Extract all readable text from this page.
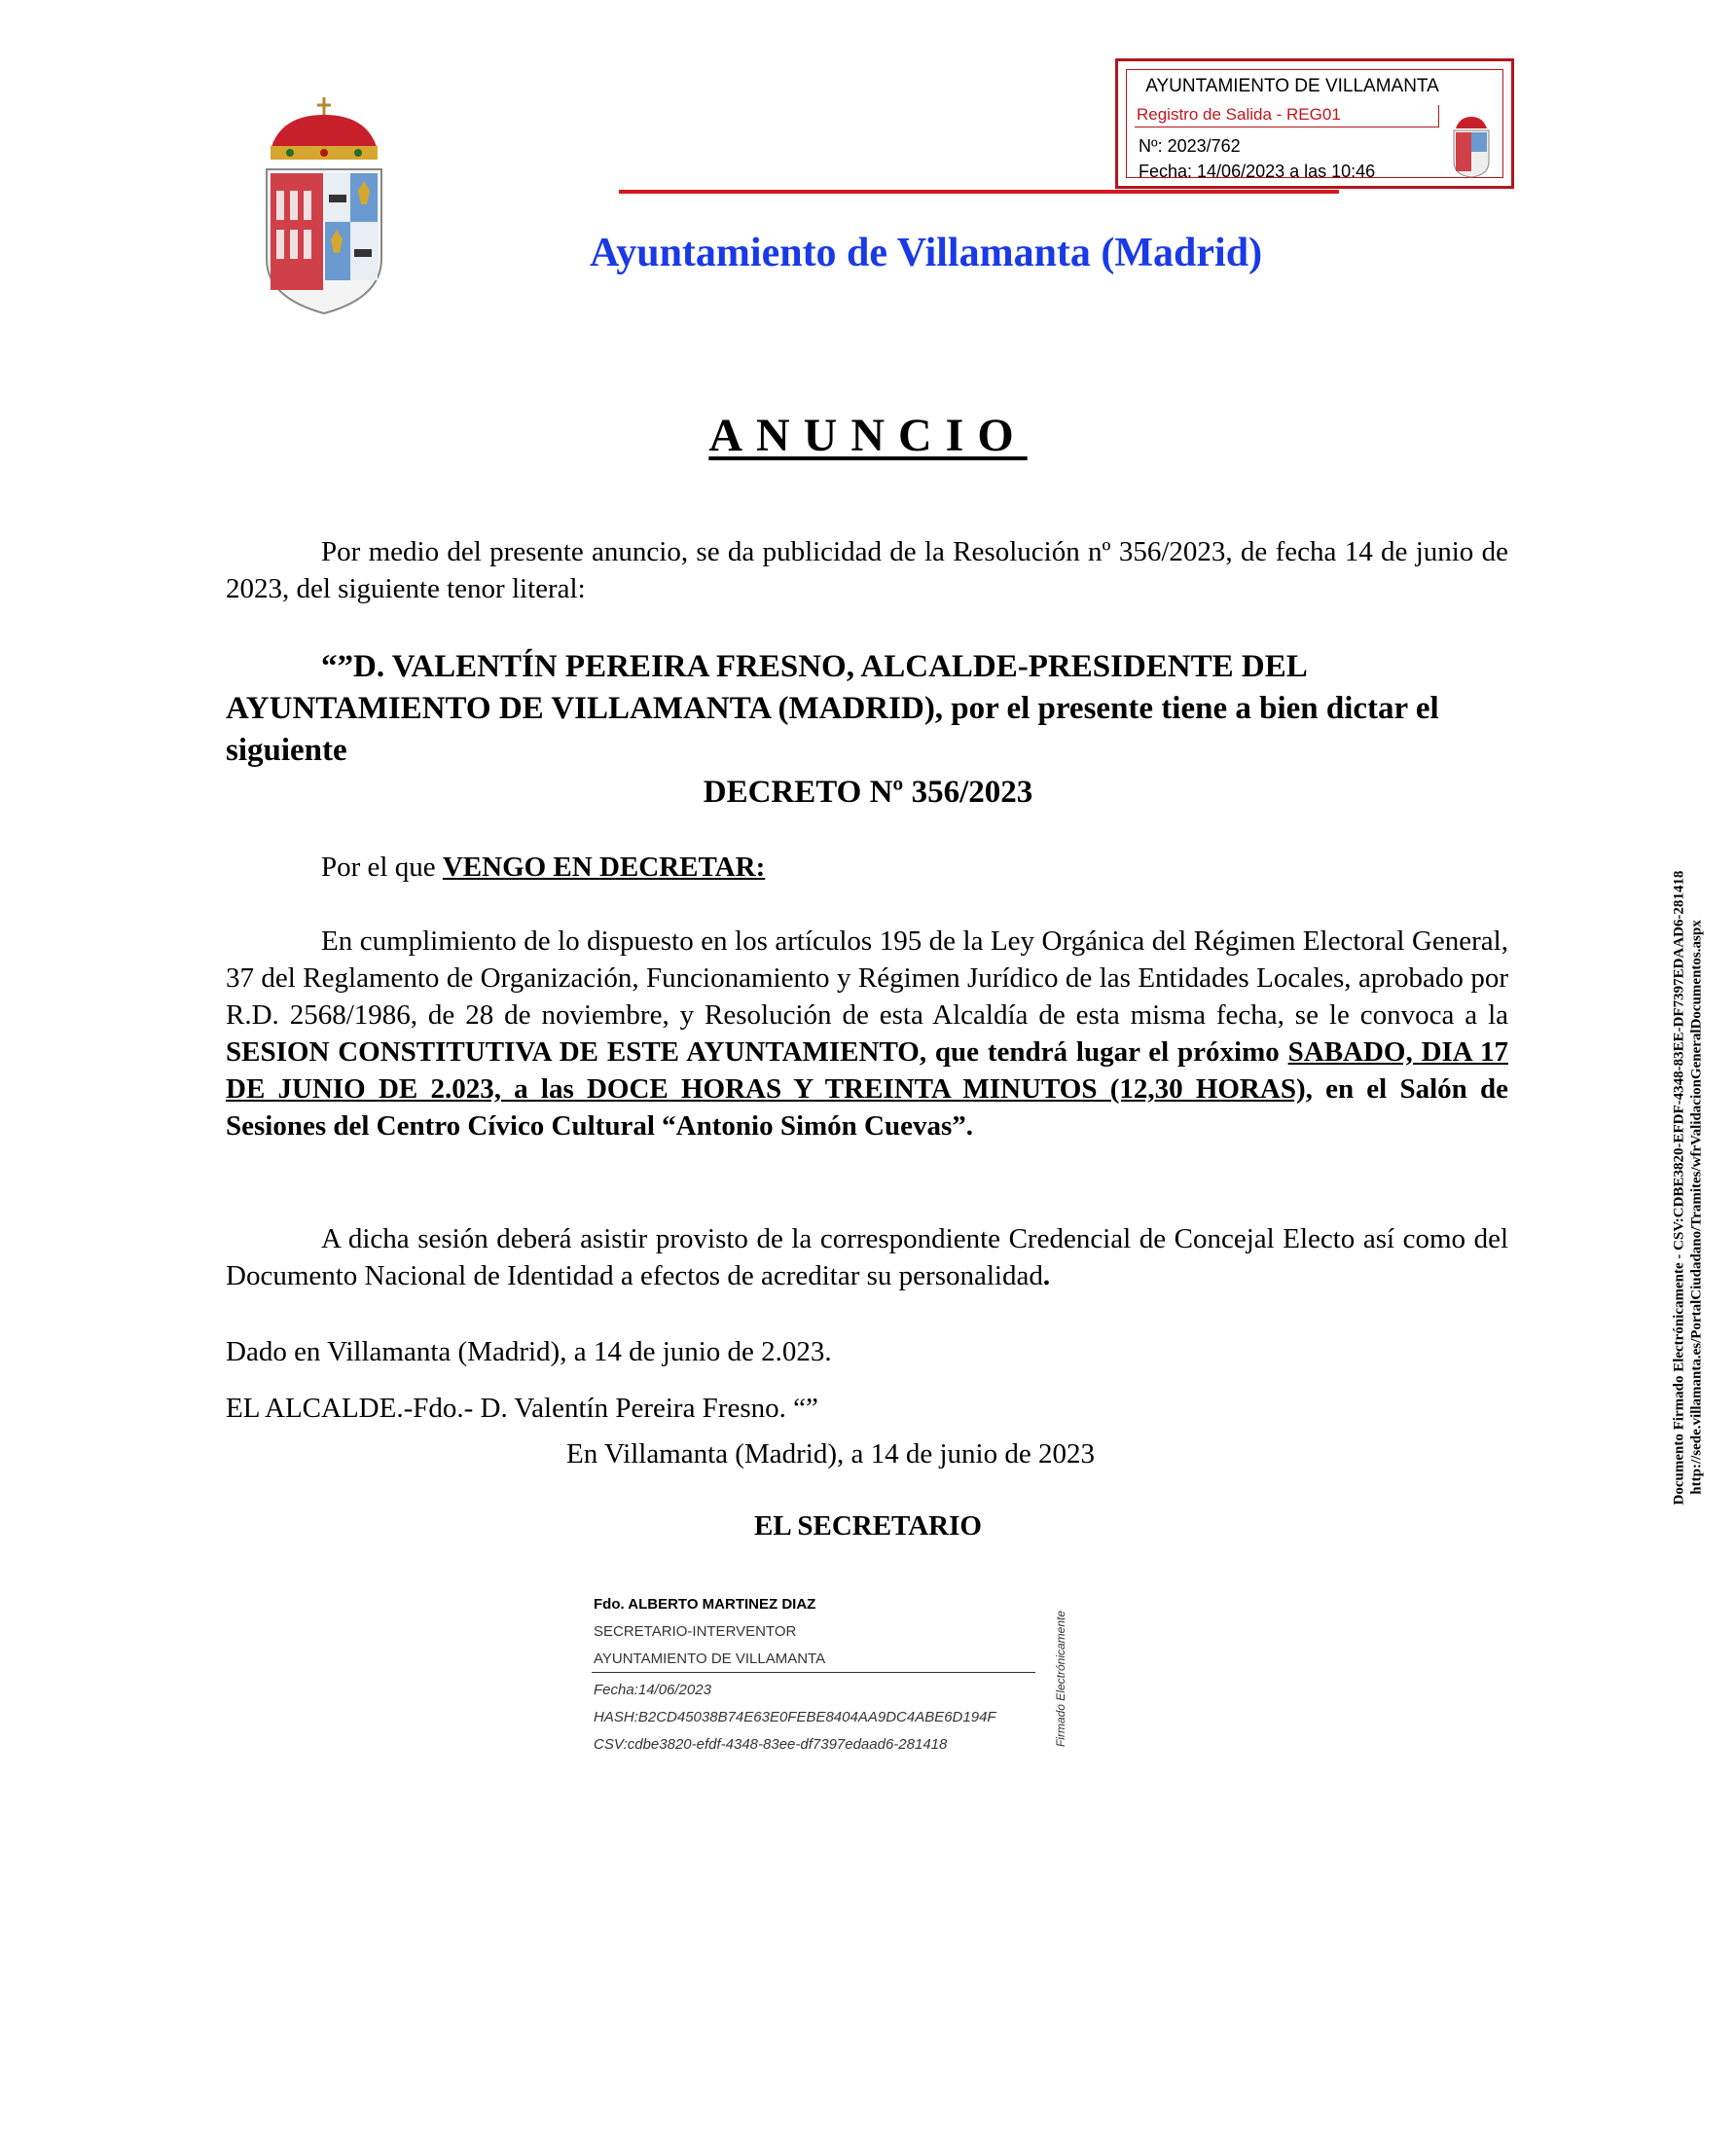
AYUNTAMIENTO DE VILLAMANTA
Registro de Salida - REG01
Nº: 2023/762
Fecha: 14/06/2023 a las 10:46
Ayuntamiento de Villamanta (Madrid)
ANUNCIO
Por medio del presente anuncio, se da publicidad de la Resolución nº 356/2023, de fecha 14 de junio de 2023, del siguiente tenor literal:
“”D. VALENTÍN PEREIRA FRESNO, ALCALDE-PRESIDENTE DEL AYUNTAMIENTO DE VILLAMANTA (MADRID), por el presente tiene a bien dictar el siguiente
DECRETO Nº 356/2023
Por el que VENGO EN DECRETAR:
En cumplimiento de lo dispuesto en los artículos 195 de la Ley Orgánica del Régimen Electoral General, 37 del Reglamento de Organización, Funcionamiento y Régimen Jurídico de las Entidades Locales, aprobado por R.D. 2568/1986, de 28 de noviembre, y Resolución de esta Alcaldía de esta misma fecha, se le convoca a la SESION CONSTITUTIVA DE ESTE AYUNTAMIENTO, que tendrá lugar el próximo SABADO, DIA 17 DE JUNIO DE 2.023, a las DOCE HORAS Y TREINTA MINUTOS (12,30 HORAS), en el Salón de Sesiones del Centro Cívico Cultural “Antonio Simón Cuevas”.
A dicha sesión deberá asistir provisto de la correspondiente Credencial de Concejal Electo así como del Documento Nacional de Identidad a efectos de acreditar su personalidad.
Dado en Villamanta (Madrid), a 14 de junio de 2.023.
EL ALCALDE.-Fdo.- D. Valentín Pereira Fresno. “”
En Villamanta (Madrid), a 14 de junio de 2023
EL SECRETARIO
Fdo. ALBERTO MARTINEZ DIAZ
SECRETARIO-INTERVENTOR
AYUNTAMIENTO DE VILLAMANTA
Fecha:14/06/2023
HASH:B2CD45038B74E63E0FEBE8404AA9DC4ABE6D194F
CSV:cdbe3820-efdf-4348-83ee-df7397edaad6-281418	Firmado Electrónicamente
Documento Firmado Electrónicamente - CSV:CDBE3820-EFDF-4348-83EE-DF7397EDAAD6-281418 http://sede.villamanta.es/PortalCiudadano/Tramites/wfrValidacionGeneralDocumentos.aspx
